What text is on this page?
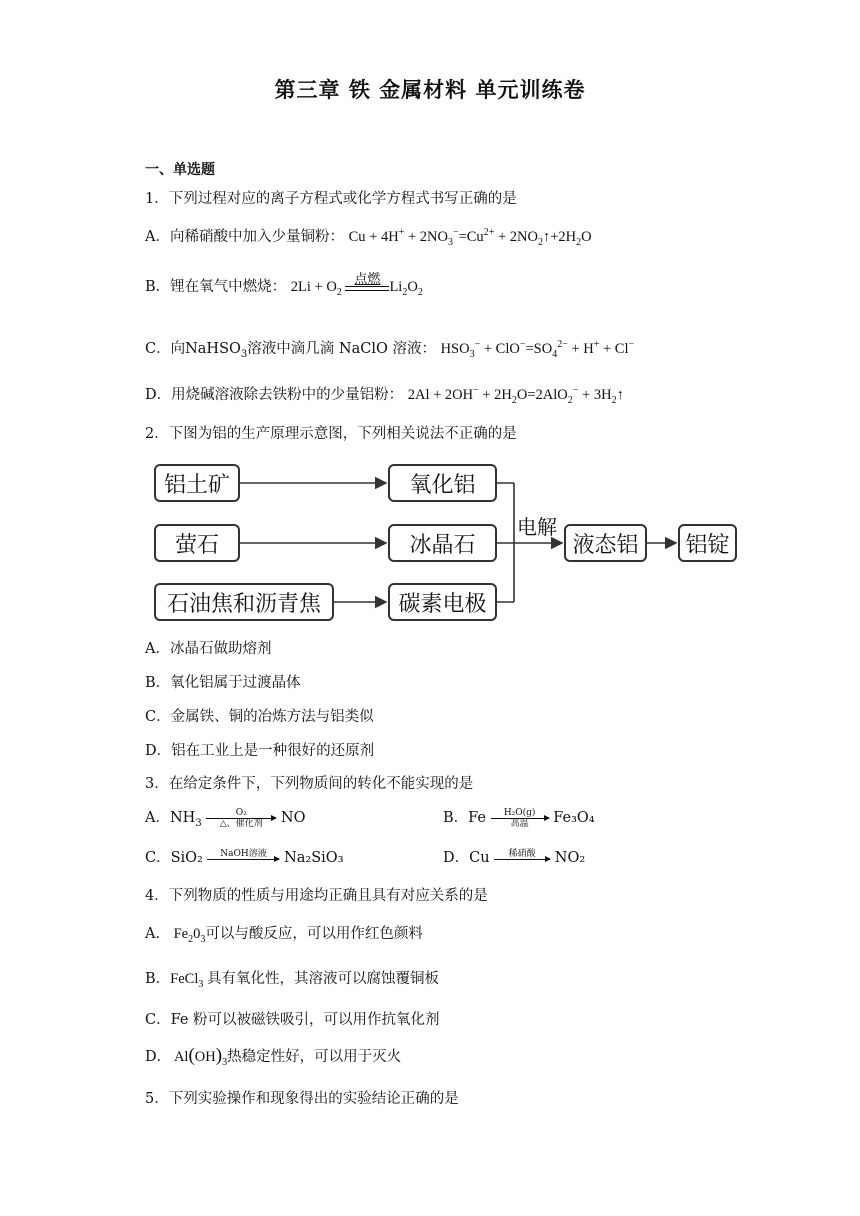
第三章 铁 金属材料 单元训练卷
一、单选题
1．下列过程对应的离子方程式或化学方程式书写正确的是
A．向稀硝酸中加入少量铜粉： $Cu + 4H^+ + 2NO_3^-=Cu^{2+}$ + $2NO_2↑+2H_2O$
B．锂在氧气中燃烧： $2Li + O_2$
点燃
$Li_2O_2$
C．向NaHSO$_3$溶液中滴几滴 NaClO 溶液： $HSO_3^- + ClO^-=SO_4^{2-} + H^+ + Cl^-$
D．用烧碱溶液除去铁粉中的少量铝粉： $2Al + 2OH^- + 2H_2O=2AlO_2^-$ + $3H_2↑$
2．下图为铝的生产原理示意图，下列相关说法不正确的是
铝土矿
萤石
石油焦和沥青焦
氧化铝
冰晶石
碳素电极
电解
液态铝	铝锭
A．冰晶石做助熔剂
B．氧化铝属于过渡晶体
C．金属铁、铜的冶炼方法与铝类似
D．铝在工业上是一种很好的还原剂
3．在给定条件下，下列物质间的转化不能实现的是
A．$NH_3$
O₂
△、催化剂	NO	B．Fe	H₂O(g)
高温	Fe₃O₄
C．SiO₂	NaOH溶液	Na₂SiO₃	D．Cu	稀硝酸	NO₂
4．下列物质的性质与用途均正确且具有对应关系的是
A． $Fe_20_3$可以与酸反应，可以用作红色颜料
B．FeCl$_3$ 具有氧化性，其溶液可以腐蚀覆铜板
C．Fe 粉可以被磁铁吸引，可以用作抗氧化剂
D． $Al(OH)_3$热稳定性好，可以用于灭火
5．下列实验操作和现象得出的实验结论正确的是
